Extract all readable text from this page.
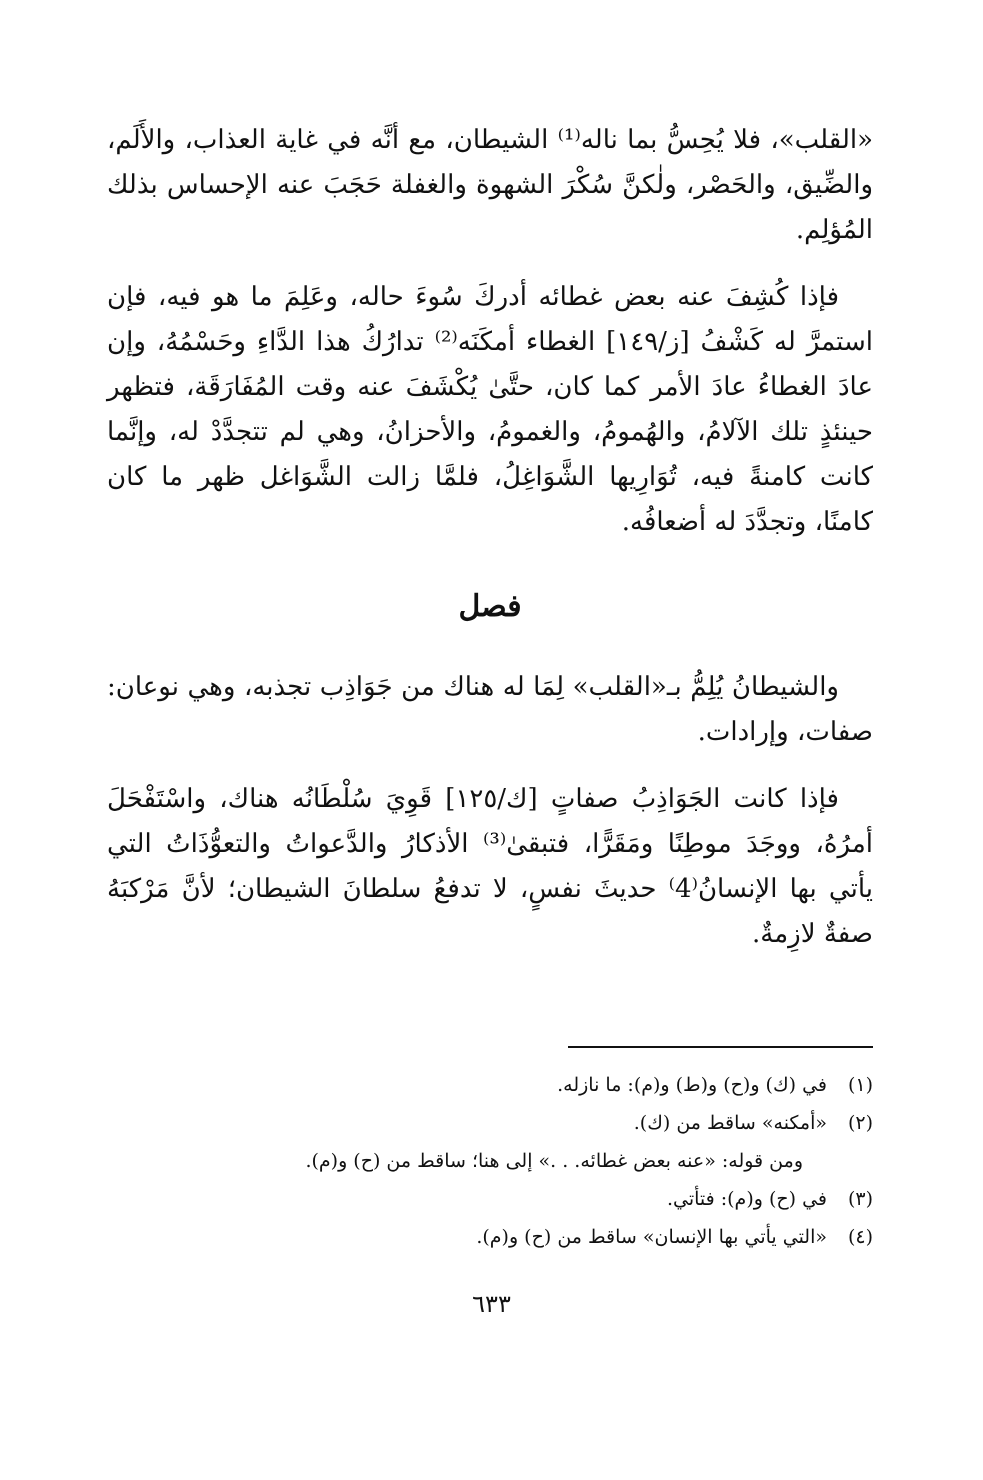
«القلب»، فلا يُحِسُّ بما ناله⁽¹⁾ الشيطان، مع أنَّه في غاية العذاب، والأَلَم، والضِّيق، والحَصْر، ولٰكنَّ سُكْرَ الشهوة والغفلة حَجَبَ عنه الإحساس بذلك المُؤلِم.

فإذا كُشِفَ عنه بعض غطائه أدركَ سُوءَ حاله، وعَلِمَ ما هو فيه، فإن استمرَّ له كَشْفُ [ز/١٤٩] الغطاء أمكَنَه⁽²⁾ تدارُكُ هذا الدَّاءِ وحَسْمُهُ، وإن عادَ الغطاءُ عادَ الأمر كما كان، حتَّىٰ يُكْشَفَ عنه وقت المُفَارَقَة، فتظهر حينئذٍ تلك الآلامُ، والهُمومُ، والغمومُ، والأحزانُ، وهي لم تتجدَّدْ له، وإنَّما كانت كامنةً فيه، تُوَارِيها الشَّوَاغِلُ، فلمَّا زالت الشَّوَاغل ظهر ما كان كامنًا، وتجدَّدَ له أضعافُه.

فصل

والشيطانُ يُلِمُّ بـ«القلب» لِمَا له هناك من جَوَاذِب تجذبه، وهي نوعان: صفات، وإرادات.

فإذا كانت الجَوَاذِبُ صفاتٍ [ك/١٢٥] قَوِيَ سُلْطَانُه هناك، واسْتَفْحَلَ أمرُهُ، ووجَدَ موطِنًا ومَقَرًّا، فتبقىٰ⁽³⁾ الأذكارُ والدَّعواتُ والتعوُّذَاتُ التي يأتي بها الإنسانُ⁽4⁾ حديثَ نفسٍ، لا تدفعُ سلطانَ الشيطان؛ لأنَّ مَرْكبَهُ صفةٌ لازِمةٌ.

(١)في (ك) و(ح) و(ط) و(م): ما نازله.
(٢)«أمكنه» ساقط من (ك).
ومن قوله: «عنه بعض غطائه. . .» إلى هنا؛ ساقط من (ح) و(م).
(٣)في (ح) و(م): فتأتي.
(٤)«التي يأتي بها الإنسان» ساقط من (ح) و(م).
٦٣٣
